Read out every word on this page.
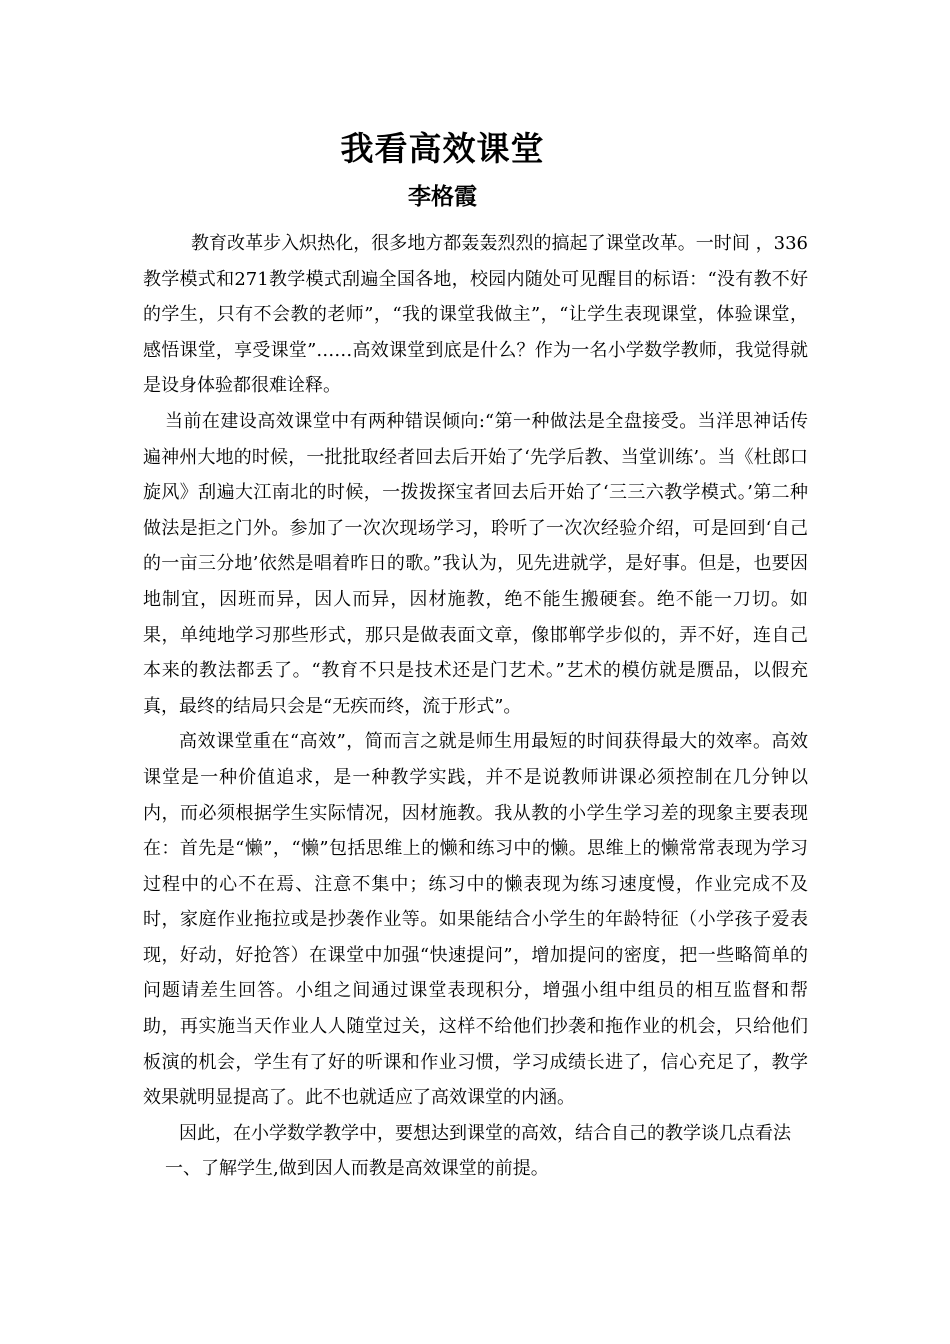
我看高效课堂
李格霞

教育改革步入炽热化，很多地方都轰轰烈烈的搞起了课堂改革。一时间 ，336教学模式和271教学模式刮遍全国各地，校园内随处可见醒目的标语：“没有教不好的学生，只有不会教的老师”，“我的课堂我做主”，“让学生表现课堂，体验课堂，感悟课堂，享受课堂”……高效课堂到底是什么？作为一名小学数学教师，我觉得就是设身体验都很难诠释。

当前在建设高效课堂中有两种错误倾向:“第一种做法是全盘接受。当洋思神话传遍神州大地的时候，一批批取经者回去后开始了‘先学后教、当堂训练’。当《杜郎口旋风》刮遍大江南北的时候，一拨拨探宝者回去后开始了‘三三六教学模式。’第二种做法是拒之门外。参加了一次次现场学习，聆听了一次次经验介绍，可是回到‘自己的一亩三分地’依然是唱着昨日的歌。”我认为，见先进就学，是好事。但是，也要因地制宜，因班而异，因人而异，因材施教，绝不能生搬硬套。绝不能一刀切。如果，单纯地学习那些形式，那只是做表面文章，像邯郸学步似的，弄不好，连自己本来的教法都丢了。“教育不只是技术还是门艺术。”艺术的模仿就是赝品，以假充真，最终的结局只会是“无疾而终，流于形式”。

高效课堂重在“高效”，简而言之就是师生用最短的时间获得最大的效率。高效课堂是一种价值追求，是一种教学实践，并不是说教师讲课必须控制在几分钟以内，而必须根据学生实际情况，因材施教。我从教的小学生学习差的现象主要表现在：首先是“懒”，“懒”包括思维上的懒和练习中的懒。思维上的懒常常表现为学习过程中的心不在焉、注意不集中；练习中的懒表现为练习速度慢，作业完成不及时，家庭作业拖拉或是抄袭作业等。如果能结合小学生的年龄特征（小学孩子爱表现，好动，好抢答）在课堂中加强“快速提问”，增加提问的密度，把一些略简单的问题请差生回答。小组之间通过课堂表现积分，增强小组中组员的相互监督和帮助，再实施当天作业人人随堂过关，这样不给他们抄袭和拖作业的机会，只给他们板演的机会，学生有了好的听课和作业习惯，学习成绩长进了，信心充足了，教学效果就明显提高了。此不也就适应了高效课堂的内涵。

因此，在小学数学教学中，要想达到课堂的高效，结合自己的教学谈几点看法

一、了解学生,做到因人而教是高效课堂的前提。
